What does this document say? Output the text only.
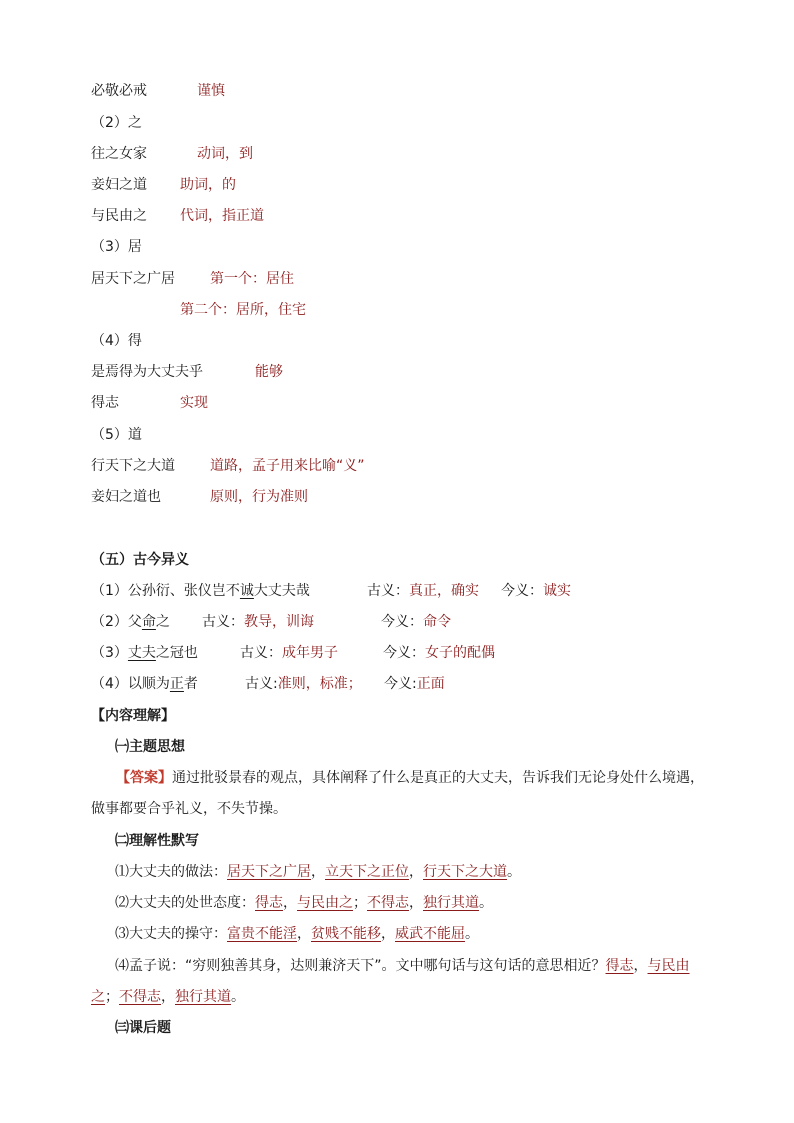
必敬必戒	谨慎
（2）之
往之女家	动词，到
妾妇之道 助词，的
与民由之 代词，指正道
（3）居
居天下之广居	第一个：居住
第二个：居所，住宅
（4）得
是焉得为大丈夫乎	能够
得志	实现
（5）道
行天下之大道	道路，孟子用来比喻“义”
妾妇之道也	原则，行为准则
（五）古今异义
（1）公孙衍、张仪岂不诚大丈夫哉	古义：真正，确实 今义：诚实
（2）父命之 古义：教导，训诲	今义：命令
（3）丈夫之冠也	古义：成年男子	今义：女子的配偶
（4）以顺为正者	古义:准则，标准； 今义:正面
【内容理解】
㈠主题思想
【答案】通过批驳景春的观点，具体阐释了什么是真正的大丈夫，告诉我们无论身处什么境遇，做事都要合乎礼义，不失节操。
㈡理解性默写
⑴大丈夫的做法：居天下之广居，立天下之正位，行天下之大道。
⑵大丈夫的处世态度：得志，与民由之；不得志，独行其道。
⑶大丈夫的操守：富贵不能淫，贫贱不能移，威武不能屈。
⑷孟子说：“穷则独善其身，达则兼济天下”。文中哪句话与这句话的意思相近？得志，与民由之；不得志，独行其道。
㈢课后题
